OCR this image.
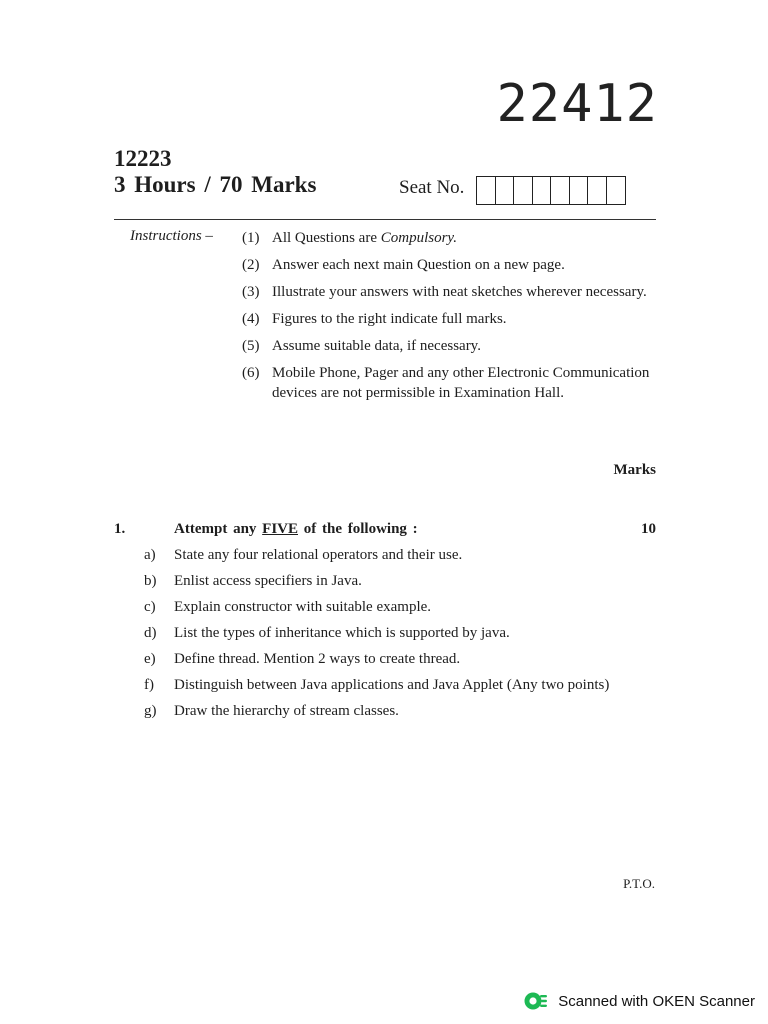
22412
12223
3 Hours / 70 Marks	Seat No.
Instructions – (1) All Questions are Compulsory.
(2) Answer each next main Question on a new page.
(3) Illustrate your answers with neat sketches wherever necessary.
(4) Figures to the right indicate full marks.
(5) Assume suitable data, if necessary.
(6) Mobile Phone, Pager and any other Electronic Communication devices are not permissible in Examination Hall.
Marks
1.	Attempt any FIVE of the following :	10
a)	State any four relational operators and their use.
b)	Enlist access specifiers in Java.
c)	Explain constructor with suitable example.
d)	List the types of inheritance which is supported by java.
e)	Define thread. Mention 2 ways to create thread.
f)	Distinguish between Java applications and Java Applet (Any two points)
g)	Draw the hierarchy of stream classes.
P.T.O.
Scanned with OKEN Scanner
